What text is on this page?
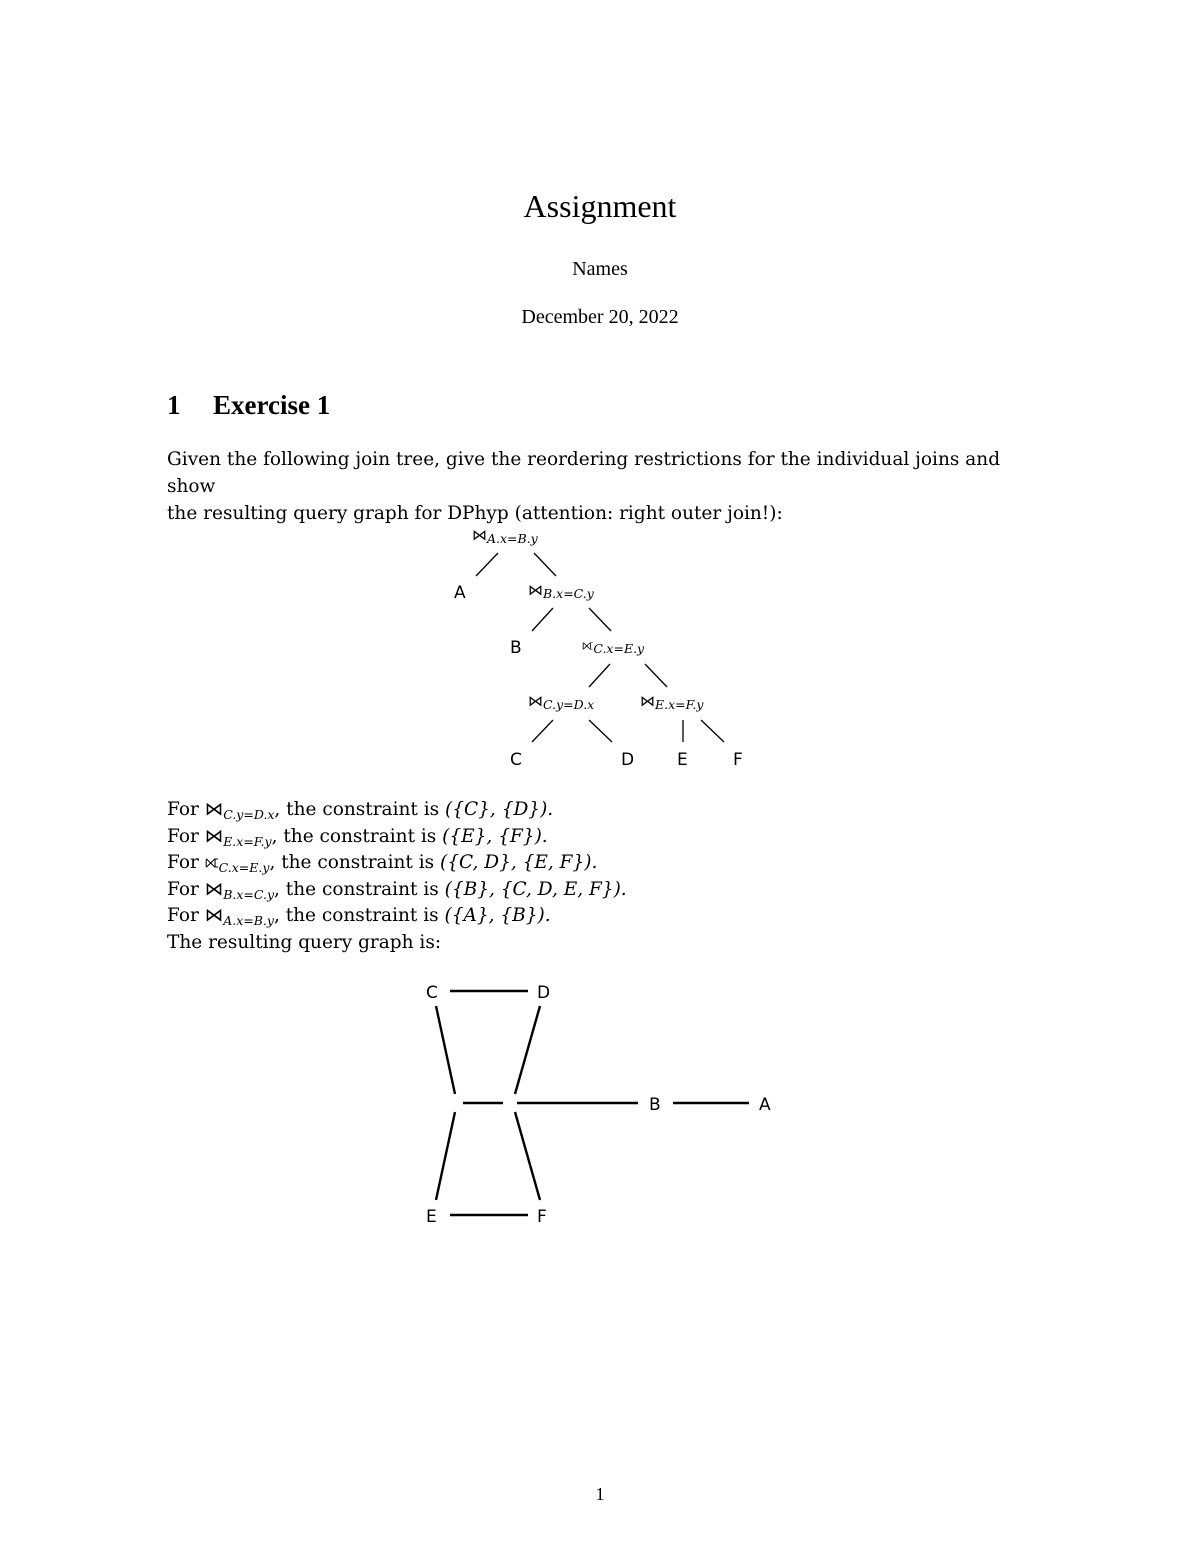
Assignment
Names
December 20, 2022
1 Exercise 1
Given the following join tree, give the reordering restrictions for the individual joins and show
the resulting query graph for DPhyp (attention: right outer join!):
$⋈_{A.x=B.y}$
$⋈_{B.x=C.y}$
$⟖_{C.x=E.y}$
$⋈_{C.y=D.x}$	$⋈_{E.x=F.y}$
A
B
C	D	E	F
C	D
B	A
E	F
For $⋈_{C.y=D.x}$, the constraint is ({C}, {D}).
For $⋈_{E.x=F.y}$, the constraint is ({E}, {F}).
For $⟖_{C.x=E.y}$, the constraint is ({C, D}, {E, F}).
For $⋈_{B.x=C.y}$, the constraint is ({B}, {C, D, E, F}).
For $⋈_{A.x=B.y}$, the constraint is ({A}, {B}).
The resulting query graph is:
1
